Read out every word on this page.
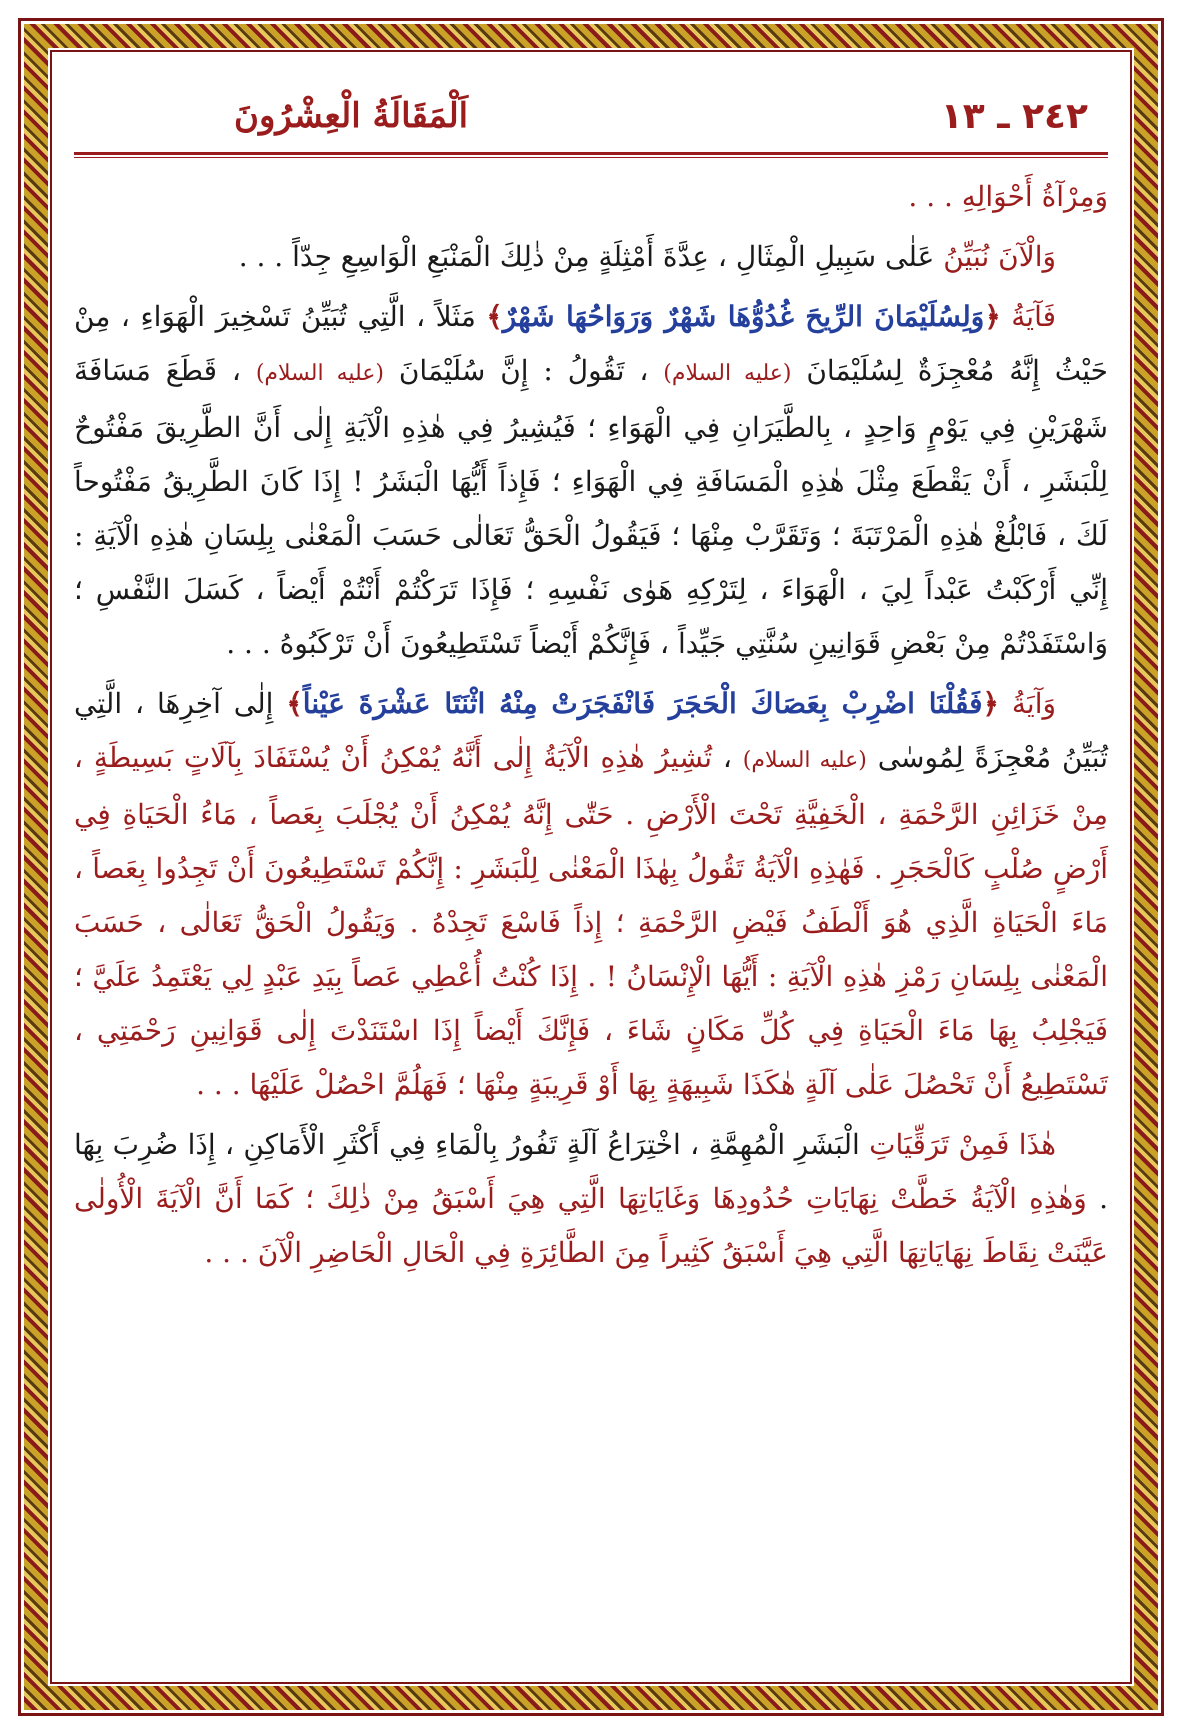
٢٤٢ ـ ١٣
اَلْمَقَالَةُ الْعِشْرُونَ

وَمِرْآةُ أَحْوَالِهِ . . .

وَالْآنَ نُبَيِّنُ عَلٰى سَبِيلِ الْمِثَالِ ، عِدَّةَ أَمْثِلَةٍ مِنْ ذٰلِكَ الْمَنْبَعِ الْوَاسِعِ جِدّاً . . .

فَآيَةُ ﴿وَلِسُلَيْمَانَ الرِّيحَ غُدُوُّهَا شَهْرٌ وَرَوَاحُهَا شَهْرٌ﴾ مَثَلاً ، الَّتِي تُبَيِّنُ تَسْخِيرَ الْهَوَاءِ ، مِنْ حَيْثُ إِنَّهُ مُعْجِزَةٌ لِسُلَيْمَانَ (عليه السلام) ، تَقُولُ : إِنَّ سُلَيْمَانَ (عليه السلام) ، قَطَعَ مَسَافَةَ شَهْرَيْنِ فِي يَوْمٍ وَاحِدٍ ، بِالطَّيَرَانِ فِي الْهَوَاءِ ؛ فَيُشِيرُ فِي هٰذِهِ الْآيَةِ إِلٰى أَنَّ الطَّرِيقَ مَفْتُوحٌ لِلْبَشَرِ ، أَنْ يَقْطَعَ مِثْلَ هٰذِهِ الْمَسَافَةِ فِي الْهَوَاءِ ؛ فَإِذاً أَيُّهَا الْبَشَرُ ! إِذَا كَانَ الطَّرِيقُ مَفْتُوحاً لَكَ ، فَابْلُغْ هٰذِهِ الْمَرْتَبَةَ ؛ وَتَقَرَّبْ مِنْهَا ؛ فَيَقُولُ الْحَقُّ تَعَالٰى حَسَبَ الْمَعْنٰى بِلِسَانِ هٰذِهِ الْآيَةِ : إِنِّي أَرْكَبْتُ عَبْداً لِيَ ، الْهَوَاءَ ، لِتَرْكِهِ هَوٰى نَفْسِهِ ؛ فَإِذَا تَرَكْتُمْ أَنْتُمْ أَيْضاً ، كَسَلَ النَّفْسِ ؛ وَاسْتَفَدْتُمْ مِنْ بَعْضِ قَوَانِينِ سُنَّتِي جَيِّداً ، فَإِنَّكُمْ أَيْضاً تَسْتَطِيعُونَ أَنْ تَرْكَبُوهُ . . .

وَآيَةُ ﴿فَقُلْنَا اضْرِبْ بِعَصَاكَ الْحَجَرَ فَانْفَجَرَتْ مِنْهُ اثْنَتَا عَشْرَةَ عَيْناً﴾ إِلٰى آخِرِهَا ، الَّتِي تُبَيِّنُ مُعْجِزَةً لِمُوسٰى (عليه السلام) ، تُشِيرُ هٰذِهِ الْآيَةُ إِلٰى أَنَّهُ يُمْكِنُ أَنْ يُسْتَفَادَ بِآلَاتٍ بَسِيطَةٍ ، مِنْ خَزَائِنِ الرَّحْمَةِ ، الْخَفِيَّةِ تَحْتَ الْأَرْضِ . حَتّٰى إِنَّهُ يُمْكِنُ أَنْ يُجْلَبَ بِعَصاً ، مَاءُ الْحَيَاةِ فِي أَرْضٍ صُلْبٍ كَالْحَجَرِ . فَهٰذِهِ الْآيَةُ تَقُولُ بِهٰذَا الْمَعْنٰى لِلْبَشَرِ : إِنَّكُمْ تَسْتَطِيعُونَ أَنْ تَجِدُوا بِعَصاً ، مَاءَ الْحَيَاةِ الَّذِي هُوَ أَلْطَفُ فَيْضِ الرَّحْمَةِ ؛ إِذاً فَاسْعَ تَجِدْهُ . وَيَقُولُ الْحَقُّ تَعَالٰى ، حَسَبَ الْمَعْنٰى بِلِسَانِ رَمْزِ هٰذِهِ الْآيَةِ : أَيُّهَا الْإِنْسَانُ ! . إِذَا كُنْتُ أُعْطِي عَصاً بِيَدِ عَبْدٍ لِي يَعْتَمِدُ عَلَيَّ ؛ فَيَجْلِبُ بِهَا مَاءَ الْحَيَاةِ فِي كُلِّ مَكَانٍ شَاءَ ، فَإِنَّكَ أَيْضاً إِذَا اسْتَنَدْتَ إِلٰى قَوَانِينِ رَحْمَتِي ، تَسْتَطِيعُ أَنْ تَحْصُلَ عَلٰى آلَةٍ هٰكَذَا شَبِيهَةٍ بِهَا أَوْ قَرِيبَةٍ مِنْهَا ؛ فَهَلُمَّ احْصُلْ عَلَيْهَا . . .

هٰذَا فَمِنْ تَرَقِّيَاتِ الْبَشَرِ الْمُهِمَّةِ ، اخْتِرَاعُ آلَةٍ تَفُورُ بِالْمَاءِ فِي أَكْثَرِ الْأَمَاكِنِ ، إِذَا ضُرِبَ بِهَا . وَهٰذِهِ الْآيَةُ خَطَّتْ نِهَايَاتِ حُدُودِهَا وَغَايَاتِهَا الَّتِي هِيَ أَسْبَقُ مِنْ ذٰلِكَ ؛ كَمَا أَنَّ الْآيَةَ الْأُولٰى عَيَّنَتْ نِقَاطَ نِهَايَاتِهَا الَّتِي هِيَ أَسْبَقُ كَثِيراً مِنَ الطَّائِرَةِ فِي الْحَالِ الْحَاضِرِ الْآنَ . . .
